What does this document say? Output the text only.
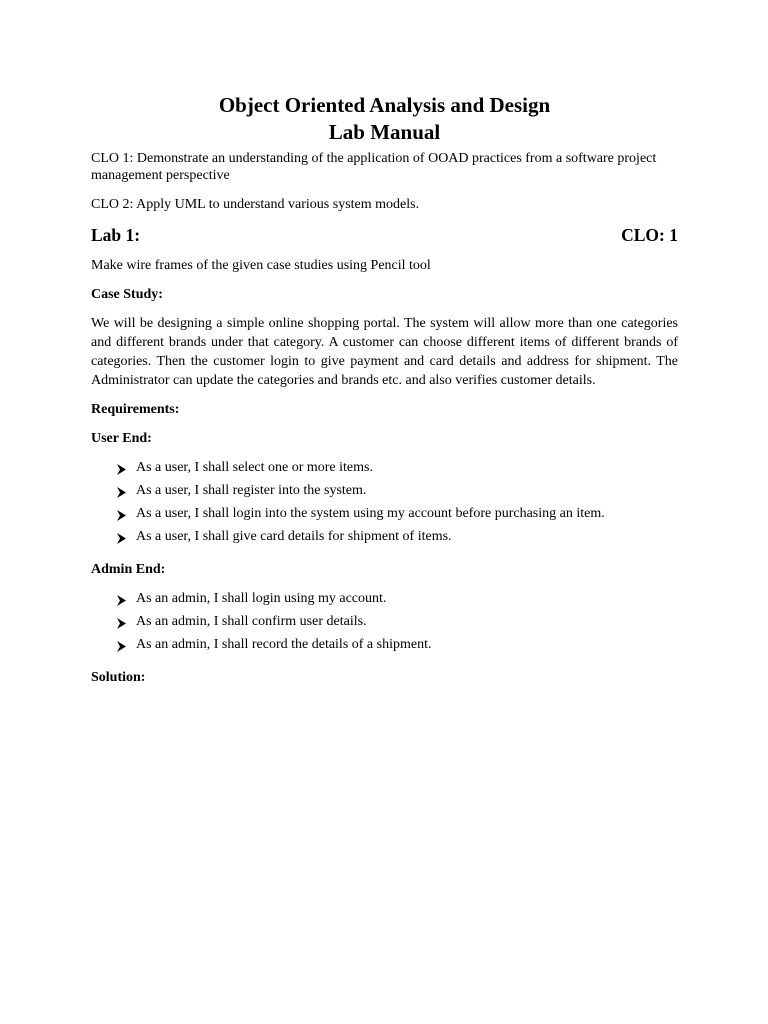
Object Oriented Analysis and Design
Lab Manual

CLO 1: Demonstrate an understanding of the application of OOAD practices from a software project management perspective

CLO 2: Apply UML to understand various system models.

Lab 1:	CLO: 1

Make wire frames of the given case studies using Pencil tool

Case Study:

We will be designing a simple online shopping portal. The system will allow more than one categories and different brands under that category. A customer can choose different items of different brands of categories. Then the customer login to give payment and card details and address for shipment. The Administrator can update the categories and brands etc. and also verifies customer details.

Requirements:

User End:

As a user, I shall select one or more items.
As a user, I shall register into the system.
As a user, I shall login into the system using my account before purchasing an item.
As a user, I shall give card details for shipment of items.

Admin End:

As an admin, I shall login using my account.
As an admin, I shall confirm user details.
As an admin, I shall record the details of a shipment.

Solution:
